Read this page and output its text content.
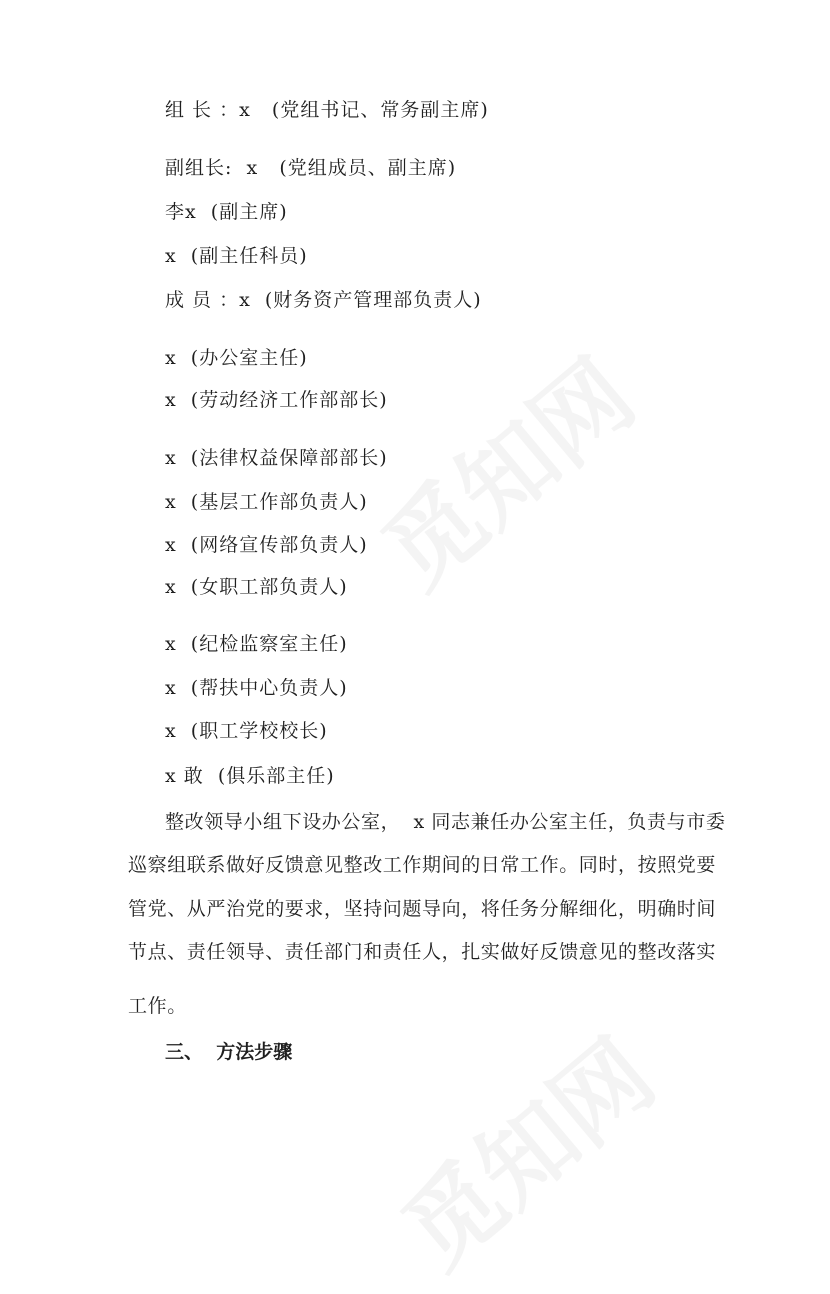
组 长 ：x   (党组书记、常务副主席)
副组长:  x   (党组成员、副主席)
李x  (副主席)
x  (副主任科员)
成 员 ：x  (财务资产管理部负责人)
x  (办公室主任)
x  (劳动经济工作部部长)
x  (法律权益保障部部长)
x  (基层工作部负责人)
x  (网络宣传部负责人)
x  (女职工部负责人)
x  (纪检监察室主任)
x  (帮扶中心负责人)
x  (职工学校校长)
x 敢  (俱乐部主任)
整改领导小组下设办公室，  x 同志兼任办公室主任，负责与市委
巡察组联系做好反馈意见整改工作期间的日常工作。同时，按照党要
管党、从严治党的要求，坚持问题导向，将任务分解细化，明确时间
节点、责任领导、责任部门和责任人，扎实做好反馈意见的整改落实
工作。
三、  方法步骤
